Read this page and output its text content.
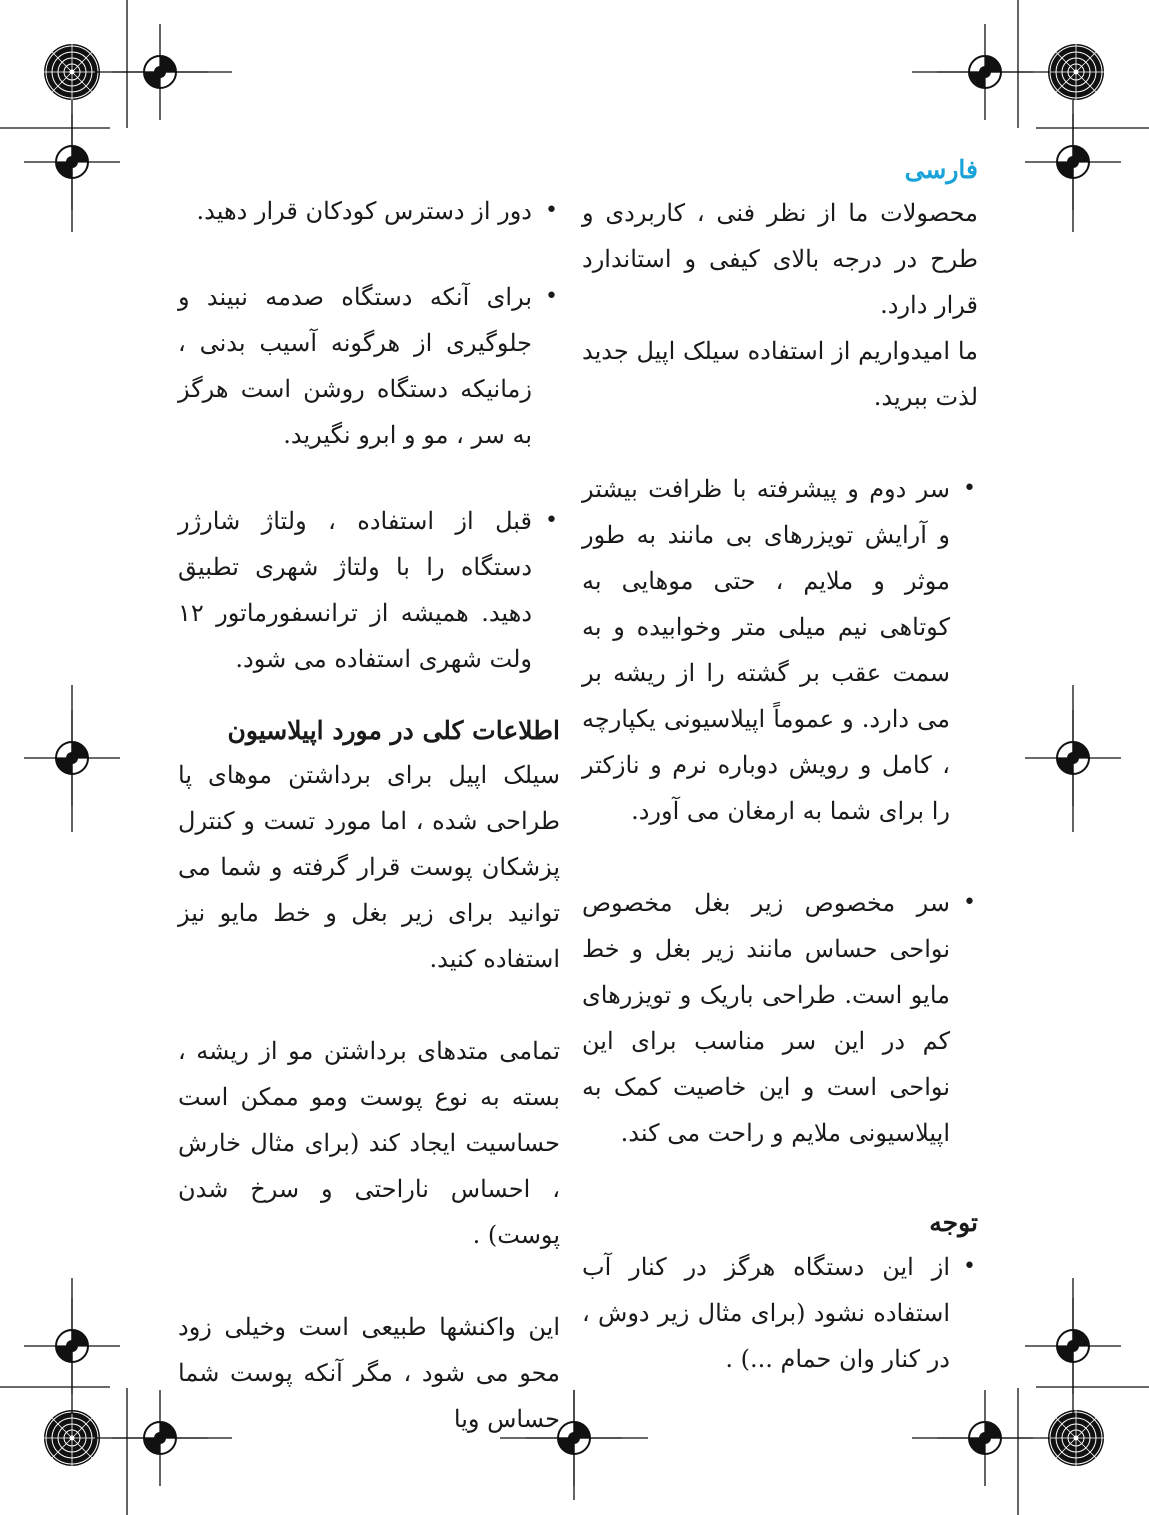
فارسی

محصولات ما از نظر فنی ، کاربردی و طرح در درجه بالای کیفی و استاندارد قرار دارد.

ما امیدواریم از استفاده سیلک اپیل جدید لذت ببرید.

• سر دوم و پیشرفته با ظرافت بیشتر و آرایش تویزرهای بی مانند به طور موثر و ملایم ، حتی موهایی به کوتاهی نیم میلی متر وخوابیده و به سمت عقب بر گشته را از ریشه بر می دارد. و عموماً اپیلاسیونی یکپارچه ، کامل و رویش دوباره نرم و نازکتر را برای شما به ارمغان می آورد.
• سر مخصوص زیر بغل مخصوص نواحی حساس مانند زیر بغل و خط مایو است. طراحی باریک و تویزرهای کم در این سر مناسب برای این نواحی است و این خاصیت کمک به اپیلاسیونی ملایم و راحت می کند.
توجه
• از این دستگاه هرگز در کنار آب استفاده نشود (برای مثال زیر دوش ، در کنار وان حمام ...) .
• دور از دسترس کودکان قرار دهید.
• برای آنکه دستگاه صدمه نبیند و جلوگیری از هرگونه آسیب بدنی ، زمانیکه دستگاه روشن است هرگز به سر ، مو و ابرو نگیرید.
• قبل از استفاده ، ولتاژ شارژر دستگاه را با ولتاژ شهری تطبیق دهید. همیشه از ترانسفورماتور ۱۲ ولت شهری استفاده می شود.
اطلاعات کلی در مورد اپیلاسیون

سیلک اپیل برای برداشتن موهای پا طراحی شده ، اما مورد تست و کنترل پزشکان پوست قرار گرفته و شما می توانید برای زیر بغل و خط مایو نیز استفاده کنید.

تمامی متدهای برداشتن مو از ریشه ، بسته به نوع پوست ومو ممکن است حساسیت ایجاد کند (برای مثال خارش ، احساس ناراحتی و سرخ شدن پوست) .

این واکنشها طبیعی است وخیلی زود محو می شود ، مگر آنکه پوست شما حساس ویا
